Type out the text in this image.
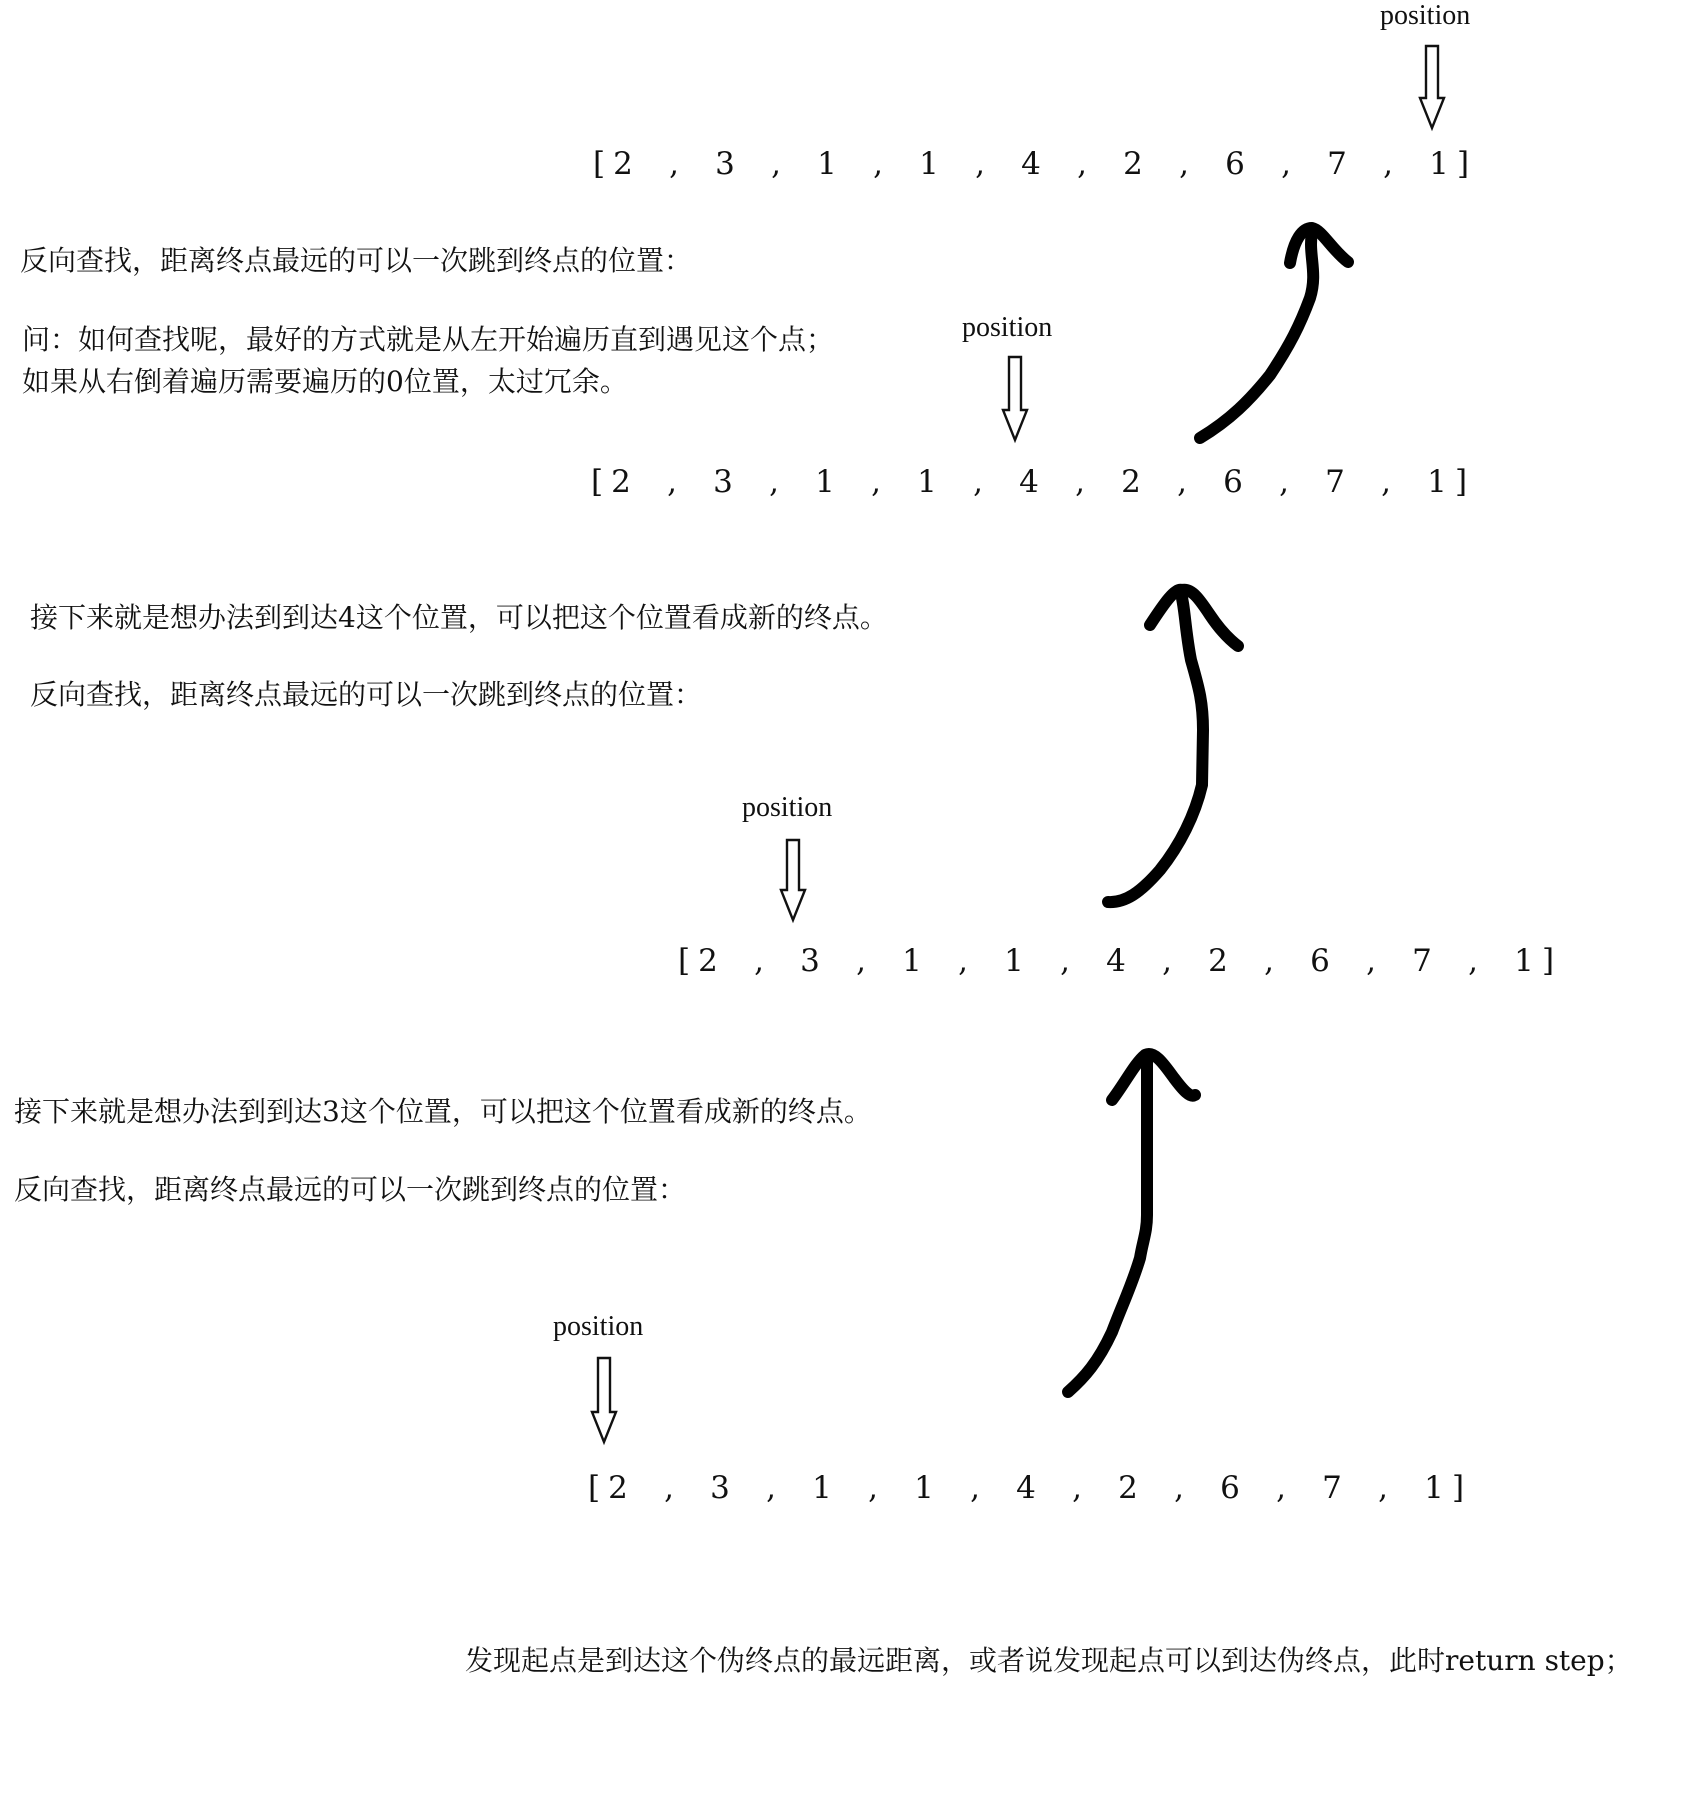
反向查找，距离终点最远的可以一次跳到终点的位置：
问：如何查找呢，最好的方式就是从左开始遍历直到遇见这个点；
如果从右倒着遍历需要遍历的0位置，太过冗余。
接下来就是想办法到到达4这个位置，可以把这个位置看成新的终点。
反向查找，距离终点最远的可以一次跳到终点的位置：
接下来就是想办法到到达3这个位置，可以把这个位置看成新的终点。
反向查找，距离终点最远的可以一次跳到终点的位置：
发现起点是到达这个伪终点的最远距离，或者说发现起点可以到达伪终点，此时return step；
position
position
position
position
[ 2	,	3	,	1	,	1	,	4	,	2	,	6	,	7	,	1 ]
[ 2	,	3	,	1	,	1	,	4	,	2	,	6	,	7	,	1 ]
[ 2	,	3	,	1	,	1	,	4	,	2	,	6	,	7	,	1 ]
[ 2	,	3	,	1	,	1	,	4	,	2	,	6	,	7	,	1 ]
